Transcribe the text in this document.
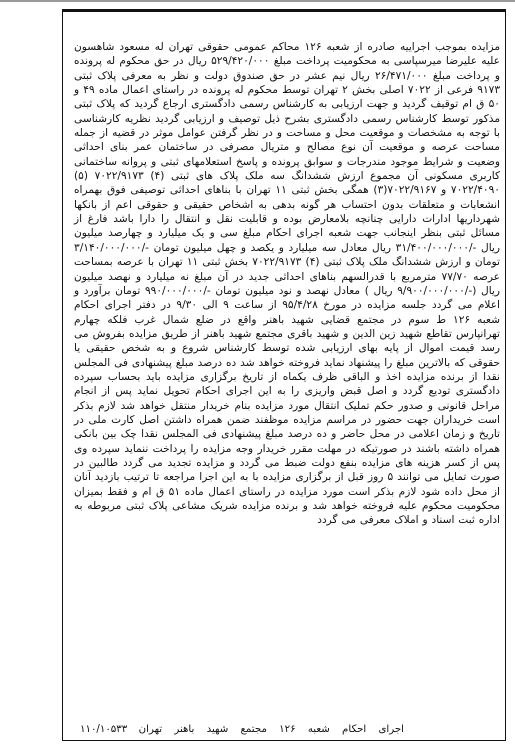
مزایده بموجب اجراییه صادره از شعبه ۱۲۶ محاکم عمومی حقوقی تهران له مسعود شاهسون علیه علیرضا میرسپاسی به محکومیت پرداخت مبلغ ۵۲۹/۴۲۰/۰۰۰ ریال در حق محکوم له پرونده و پرداخت مبلغ ۲۶/۴۷۱/۰۰۰ ریال نیم عشر در حق صندوق دولت و نظر به معرفی پلاک ثبتی ۹۱۷۳ فرعی از ۷۰۲۲ اصلی بخش ۲ تهران توسط محکوم له پرونده در راستای اعمال ماده ۴۹ و ۵۰ ق ام توقیف گردید و جهت ارزیابی به کارشناس رسمی دادگستری ارجاع گردید که پلاک ثبتی مذکور توسط کارشناس رسمی دادگستری بشرح ذیل توصیف و ارزیابی گردید نظریه کارشناسی با توجه به مشخصات و موقعیت محل و مساحت و در نظر گرفتن عوامل موثر در قضیه از جمله مساحت عرصه و موقعیت آن نوع مصالح و متریال مصرفی در ساختمان عمر بنای احداثی وضعیت و شرایط موجود مندرجات و سوابق پرونده و پاسخ استعلامهای ثبتی و پروانه ساختمانی کاربری مسکونی آن مجموع ارزش ششدانگ سه ملک پلاک های ثبتی (۴) ۷۰۲۲/۹۱۷۳ (۵) ۷۰۲۲/۴۰۹۰ و ۷۰۲۲/۹۱۶۷(۳) همگی بخش ثبتی ۱۱ تهران با بناهای احداثی توصیفی فوق بهمراه انشعابات و متعلقات بدون احتساب هر گونه بدهی به اشخاص حقیقی و حقوقی اعم از بانکها شهرداریها ادارات دارایی چنانچه بلامعارض بوده و قابلیت نقل و انتقال را دارا باشد فارغ از مسائل ثبتی بنظر اینجانب جهت شعبه اجرای احکام مبلغ سی و یک میلیارد و چهارصد میلیون ریال -/۳۱/۴۰۰/۰۰۰/۰۰۰ ریال معادل سه میلیارد و یکصد و چهل میلیون تومان -/۳/۱۴۰/۰۰۰/۰۰۰ تومان و ارزش ششدانگ ملک پلاک ثبتی (۴) ۷۰۲۲/۹۱۷۳ بخش ثبتی ۱۱ تهران با عرصه بمساحت عرصه ۷۷/۷۰ مترمربع با قدرالسهم بناهای احداثی جدید در آن مبلغ نه میلیارد و نهصد میلیون ریال (-/۹/۹۰۰/۰۰۰/۰۰۰ ریال ) معادل نهصد و نود میلیون تومان -/۹۹۰/۰۰۰/۰۰۰ تومان برآورد و اعلام می گردد جلسه مزایده در مورخ ۹۵/۴/۲۸ از ساعت ۹ الی ۹/۳۰ در دفتر اجرای احکام شعبه ۱۲۶ ط سوم در مجتمع قضایی شهید باهنر واقع در ضلع شمال غرب فلکه چهارم تهرانپارس تقاطع شهید زین الدین و شهید باقری مجتمع شهید باهنر از طریق مزایده بفروش می رسد قیمت اموال از پایه بهای ارزیابی شده توسط کارشناس شروع و به شخص حقیقی یا حقوقی که بالاترین مبلغ را پیشنهاد نماید فروخته خواهد شد ده درصد مبلغ پیشنهادی فی المجلس نقدا از برنده مزایده اخذ و الباقی ظرف یکماه از تاریخ برگزاری مزایده باید بحساب سپرده دادگستری تودیع گردد و اصل قبض واریزی را به این اجرای احکام تحویل نماید پس از انجام مراحل قانونی و صدور حکم تملیک انتقال مورد مزایده بنام خریدار منتقل خواهد شد لازم بذکر است خریداران جهت حضور در مراسم مزایده موظفند ضمن همراه داشتن اصل کارت ملی در تاریخ و زمان اعلامی در محل حاضر و ده درصد مبلغ پیشنهادی فی المجلس نقدا چک بین بانکی همراه داشته باشند در صورتیکه در مهلت مقرر خریدار وجه مزایده را پرداخت ننماید سپرده وی پس از کسر هزینه های مزایده بنفع دولت ضبط می گردد و مزایده تجدید می گردد طالبین در صورت تمایل می توانند ۵ روز قبل از برگزاری مزایده با به این اجرا مراجعه تا ترتیب بازدید آنان از محل داده شود لازم بذکر است مورد مزایده در راستای اعمال ماده ۵۱ ق ام و فقط بمیزان محکومیت محکوم علیه فروخته خواهد شد و برنده مزایده شریک مشاعی پلاک ثبتی مربوطه به اداره ثبت اسناد و املاک معرفی می گردد
اجرای احکام شعبه ۱۲۶ مجتمع شهید باهنر تهران
۱۱۰/۱۰۵۳۳
